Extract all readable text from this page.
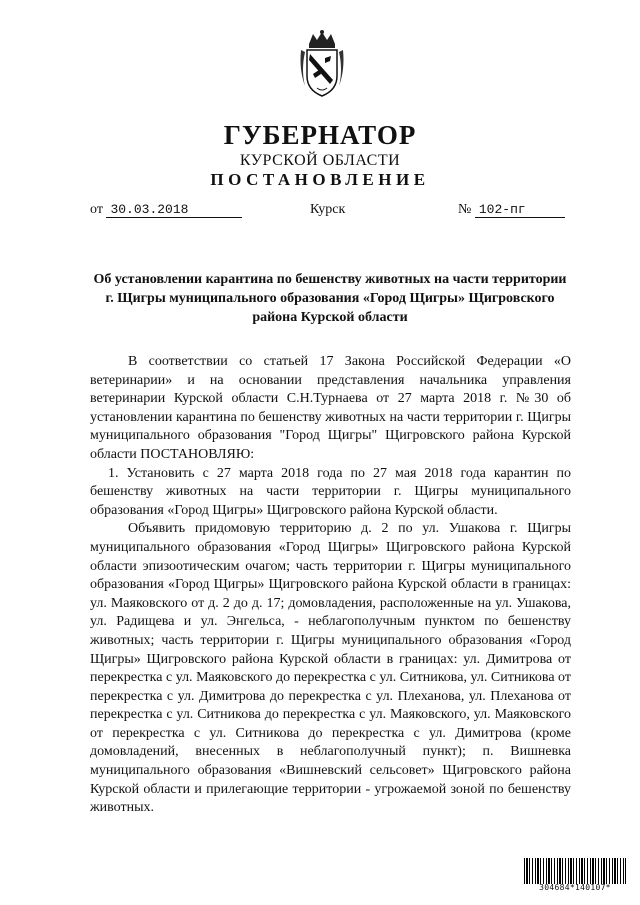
ГУБЕРНАТОР
КУРСКОЙ ОБЛАСТИ
ПОСТАНОВЛЕНИЕ
от 30.03.2018	Курск	№ 102-пг
Об установлении карантина по бешенству животных на части территории г. Щигры муниципального образования «Город Щигры» Щигровского района Курской области

В соответствии со статьей 17 Закона Российской Федерации «О ветеринарии» и на основании представления начальника управления ветеринарии Курской области С.Н.Турнаева от 27 марта 2018 г. №30 об установлении карантина по бешенству животных на части территории г. Щигры муниципального образования "Город Щигры" Щигровского района Курской области ПОСТАНОВЛЯЮ:

1. Установить с 27 марта 2018 года по 27 мая 2018 года карантин по бешенству животных на части территории г. Щигры муниципального образования «Город Щигры» Щигровского района Курской области.

Объявить придомовую территорию д. 2 по ул. Ушакова г. Щигры муниципального образования «Город Щигры» Щигровского района Курской области эпизоотическим очагом; часть территории г. Щигры муниципального образования «Город Щигры» Щигровского района Курской области в границах: ул. Маяковского от д. 2 до д. 17; домовладения, расположенные на ул. Ушакова, ул. Радищева и ул. Энгельса, - неблагополучным пунктом по бешенству животных; часть территории г. Щигры муниципального образования «Город Щигры» Щигровского района Курской области в границах: ул. Димитрова от перекрестка с ул. Маяковского до перекрестка с ул. Ситникова, ул. Ситникова от перекрестка с ул. Димитрова до перекрестка с ул. Плеханова, ул. Плеханова от перекрестка с ул. Ситникова до перекрестка с ул. Маяковского, ул. Маяковского от перекрестка с ул. Ситникова до перекрестка с ул. Димитрова (кроме домовладений, внесенных в неблагополучный пункт); п. Вишневка муниципального образования «Вишневский сельсовет» Щигровского района Курской области и прилегающие территории - угрожаемой зоной по бешенству животных.

304684*140107*
